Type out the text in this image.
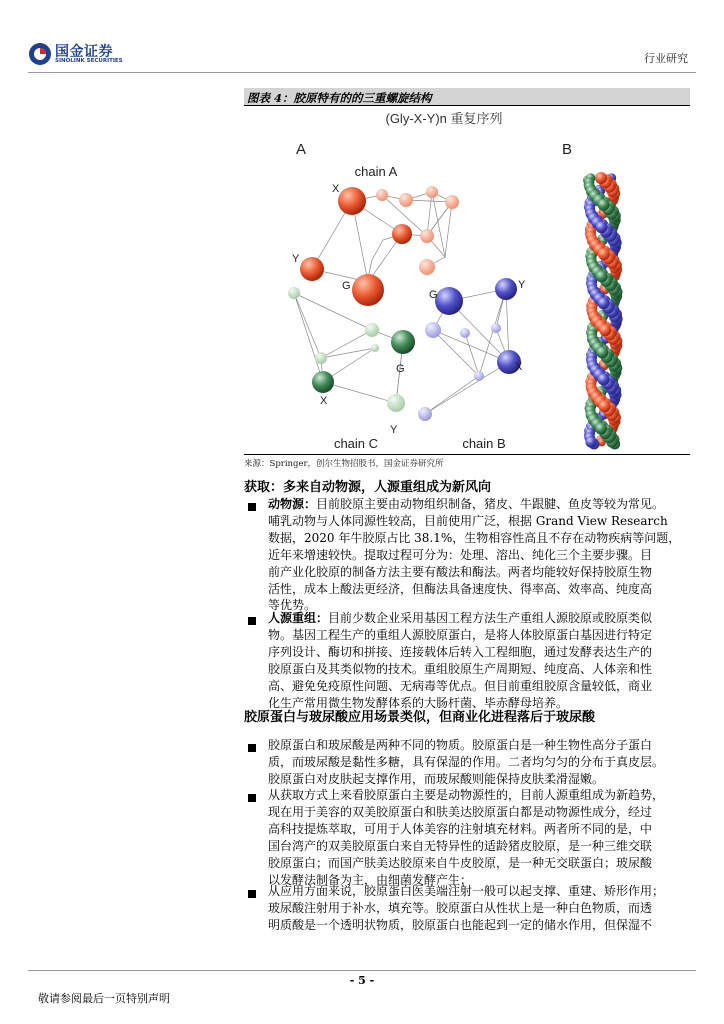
国金证券
SINOLINK SECURITIES	行业研究
图表 4：胶原特有的的三重螺旋结构
(Gly-X-Y)n 重复序列
A	B
chain A
chain C	chain B
X
Y
G
G
X
Y
G
X
Y
来源：Springer，创尔生物招股书，国金证券研究所
获取：多来自动物源，人源重组成为新风向
动物源：目前胶原主要由动物组织制备，猪皮、牛跟腱、鱼皮等较为常见。
哺乳动物与人体同源性较高，目前使用广泛，根据 Grand View Research
数据，2020 年牛胶原占比 38.1%，生物相容性高且不存在动物疾病等问题，
近年来增速较快。提取过程可分为：处理、溶出、纯化三个主要步骤。目
前产业化胶原的制备方法主要有酸法和酶法。两者均能较好保持胶原生物
活性，成本上酸法更经济，但酶法具备速度快、得率高、效率高、纯度高
等优势。
人源重组：目前少数企业采用基因工程方法生产重组人源胶原或胶原类似
物。基因工程生产的重组人源胶原蛋白，是将人体胶原蛋白基因进行特定
序列设计、酶切和拼接、连接载体后转入工程细胞，通过发酵表达生产的
胶原蛋白及其类似物的技术。重组胶原生产周期短、纯度高、人体亲和性
高、避免免疫原性问题、无病毒等优点。但目前重组胶原含量较低，商业
化生产常用微生物发酵体系的大肠杆菌、毕赤酵母培养。
胶原蛋白与玻尿酸应用场景类似，但商业化进程落后于玻尿酸
胶原蛋白和玻尿酸是两种不同的物质。胶原蛋白是一种生物性高分子蛋白
质，而玻尿酸是黏性多糖，具有保湿的作用。二者均匀匀的分布于真皮层。
胶原蛋白对皮肤起支撑作用，而玻尿酸则能保持皮肤柔滑湿嫩。
从获取方式上来看胶原蛋白主要是动物源性的，目前人源重组成为新趋势，
现在用于美容的双美胶原蛋白和肤美达胶原蛋白都是动物源性成分，经过
高科技提炼萃取，可用于人体美容的注射填充材料。两者所不同的是，中
国台湾产的双美胶原蛋白来自无特异性的适龄猪皮胶原，是一种三维交联
胶原蛋白；而国产肤美达胶原来自牛皮胶原，是一种无交联蛋白；玻尿酸
以发酵法制备为主，由细菌发酵产生；
从应用方面来说，胶原蛋白医美端注射一般可以起支撑、重建、矫形作用；
玻尿酸注射用于补水，填充等。胶原蛋白从性状上是一种白色物质，而透
明质酸是一个透明状物质，胶原蛋白也能起到一定的储水作用，但保湿不
- 5 -
敬请参阅最后一页特别声明
